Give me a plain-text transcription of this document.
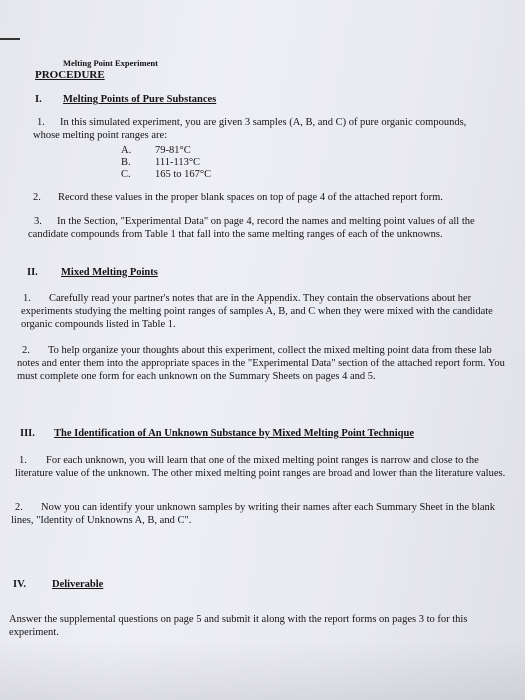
Melting Point Experiment

PROCEDURE

I. Melting Points of Pure Substances

1.	In this simulated experiment, you are given 3 samples (A, B, and C) of pure organic compounds, whose melting point ranges are:

A. 79-81°C

B. 111-113°C

C. 165 to 167°C

2. Record these values in the proper blank spaces on top of page 4 of the attached report form.

3.	In the Section, "Experimental Data" on page 4, record the names and melting point values of all the candidate compounds from Table 1 that fall into the same melting ranges of each of the unknowns.

II. Mixed Melting Points

1.	Carefully read your partner's notes that are in the Appendix. They contain the observations about her experiments studying the melting point ranges of samples A, B, and C when they were mixed with the candidate organic compounds listed in Table 1.

2.	To help organize your thoughts about this experiment, collect the mixed melting point data from these lab notes and enter them into the appropriate spaces in the "Experimental Data" section of the attached report form. You must complete one form for each unknown on the Summary Sheets on pages 4 and 5.

III. The Identification of An Unknown Substance by Mixed Melting Point Technique

1.	For each unknown, you will learn that one of the mixed melting point ranges is narrow and close to the literature value of the unknown. The other mixed melting point ranges are broad and lower than the literature values.

2.	Now you can identify your unknown samples by writing their names after each Summary Sheet in the blank lines, "Identity of Unknowns A, B, and C".

IV. Deliverable

Answer the supplemental questions on page 5 and submit it along with the report forms on pages 3 to for this experiment.
